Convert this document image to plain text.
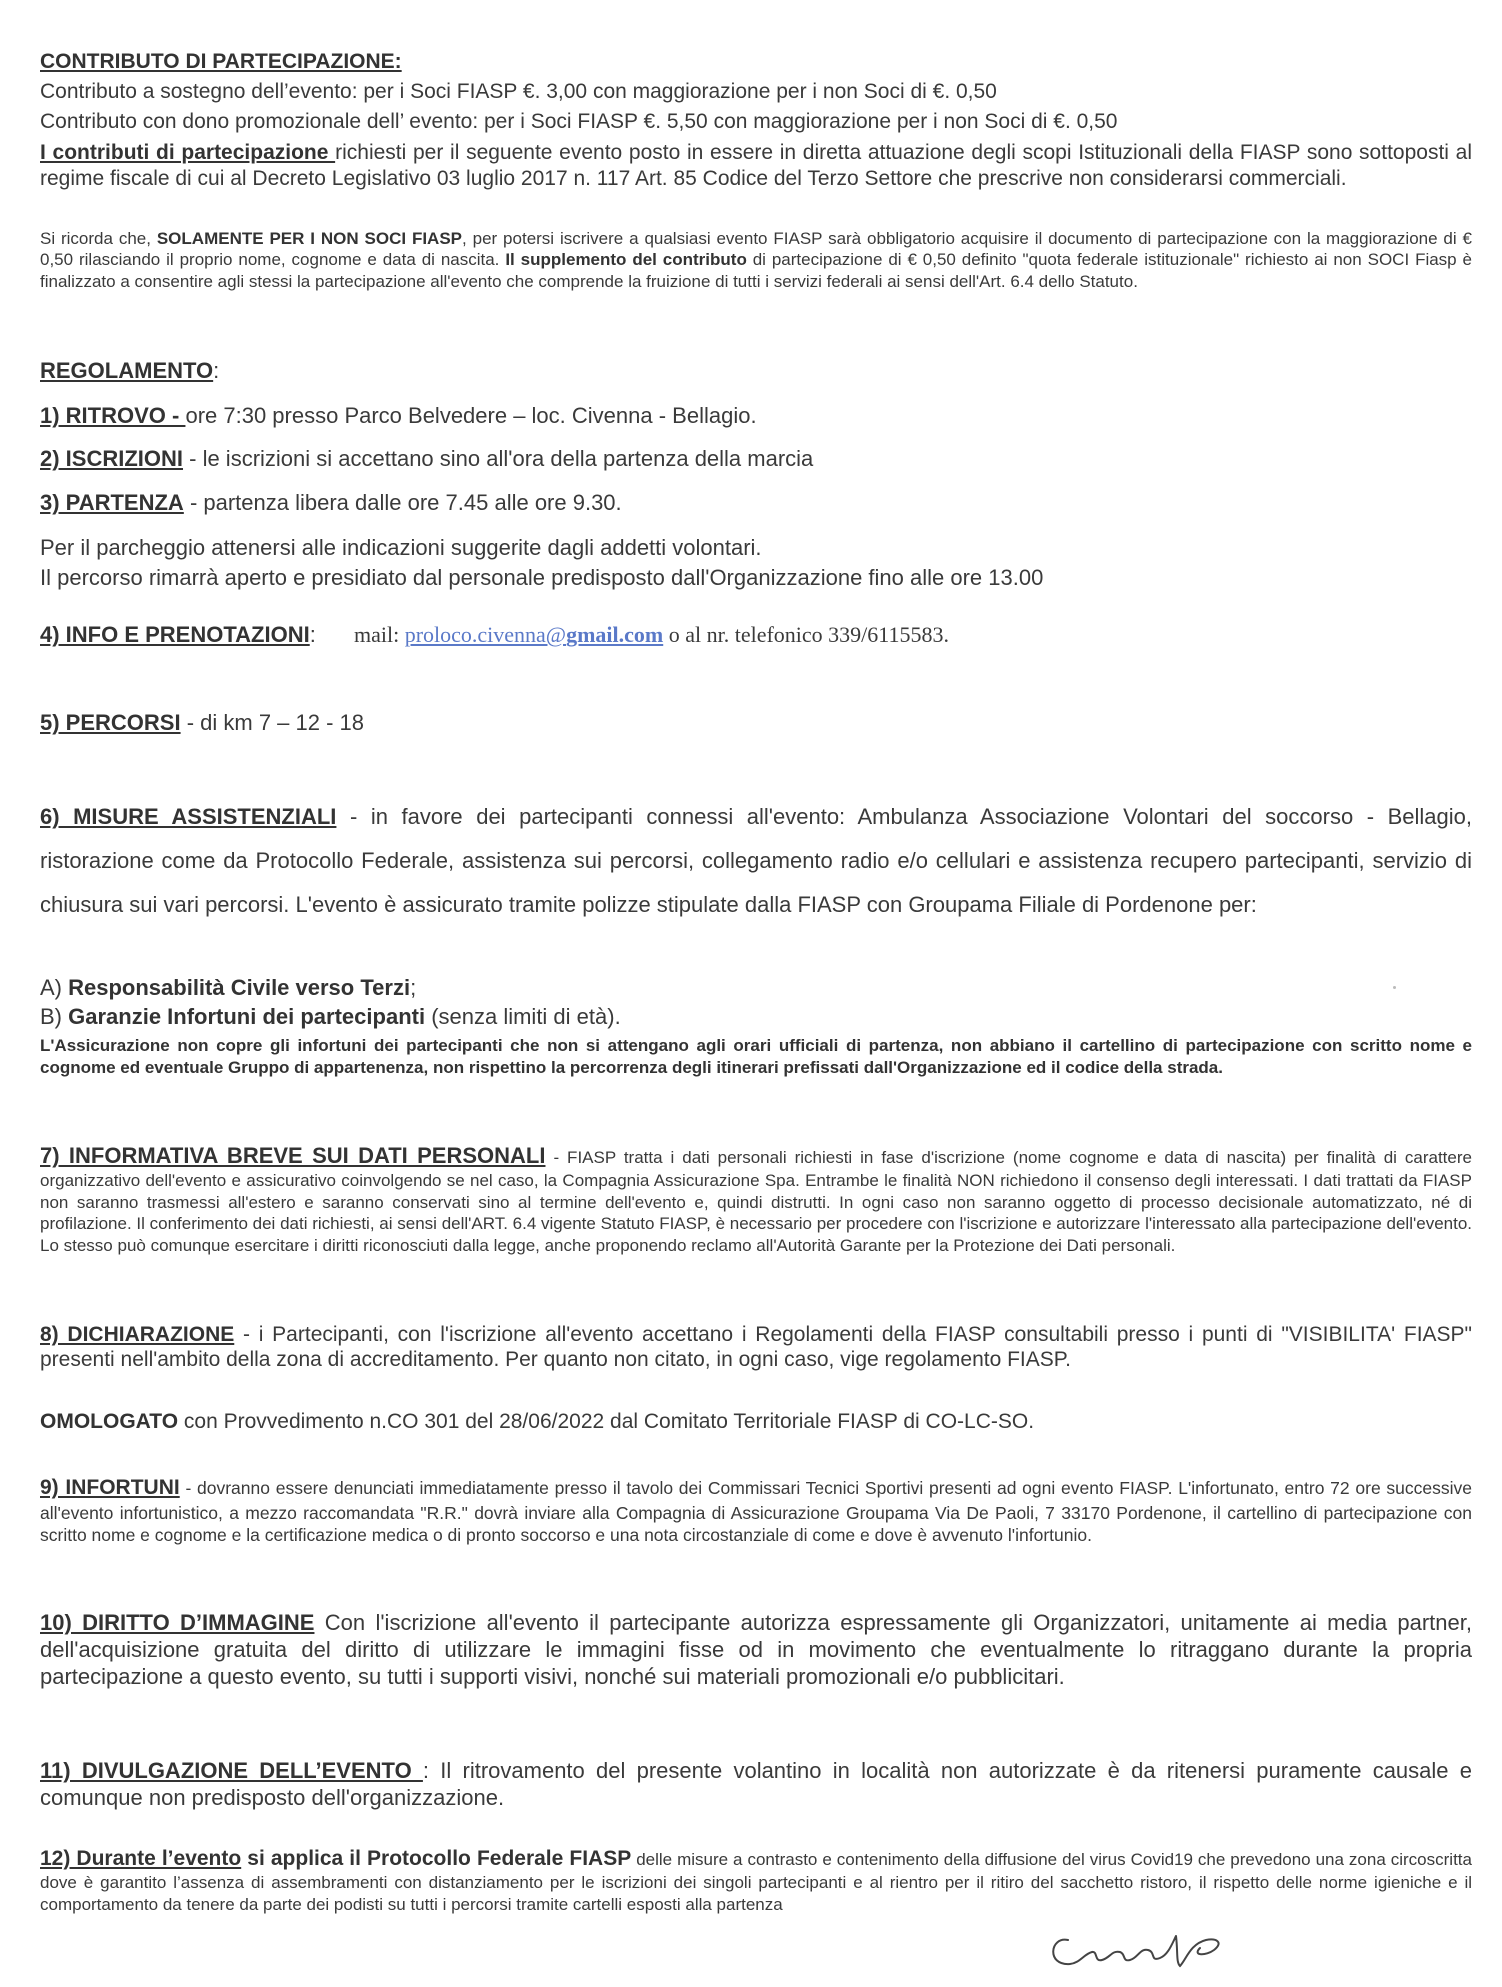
CONTRIBUTO DI PARTECIPAZIONE:
Contributo a sostegno dell’evento: per i Soci FIASP €. 3,00 con maggiorazione per i non Soci di €. 0,50
Contributo con dono promozionale dell’ evento: per i Soci FIASP €. 5,50 con maggiorazione per i non Soci di €. 0,50
I contributi di partecipazione richiesti per il seguente evento posto in essere in diretta attuazione degli scopi Istituzionali della FIASP sono sottoposti al regime fiscale di cui al Decreto Legislativo 03 luglio 2017 n. 117 Art. 85 Codice del Terzo Settore che prescrive non considerarsi commerciali.
Si ricorda che, SOLAMENTE PER I NON SOCI FIASP, per potersi iscrivere a qualsiasi evento FIASP sarà obbligatorio acquisire il documento di partecipazione con la maggiorazione di € 0,50 rilasciando il proprio nome, cognome e data di nascita. Il supplemento del contributo di partecipazione di € 0,50 definito "quota federale istituzionale" richiesto ai non SOCI Fiasp è finalizzato a consentire agli stessi la partecipazione all'evento che comprende la fruizione di tutti i servizi federali ai sensi dell'Art. 6.4 dello Statuto.
REGOLAMENTO:
1) RITROVO - ore 7:30 presso Parco Belvedere – loc. Civenna - Bellagio.
2) ISCRIZIONI - le iscrizioni si accettano sino all'ora della partenza della marcia
3) PARTENZA - partenza libera dalle ore 7.45 alle ore 9.30.
Per il parcheggio attenersi alle indicazioni suggerite dagli addetti volontari.
Il percorso rimarrà aperto e presidiato dal personale predisposto dall'Organizzazione fino alle ore 13.00
4) INFO E PRENOTAZIONI: mail: proloco.civenna@gmail.com o al nr. telefonico 339/6115583.
5) PERCORSI - di km 7 – 12 - 18
6) MISURE ASSISTENZIALI - in favore dei partecipanti connessi all'evento: Ambulanza Associazione Volontari del soccorso - Bellagio, ristorazione come da Protocollo Federale, assistenza sui percorsi, collegamento radio e/o cellulari e assistenza recupero partecipanti, servizio di chiusura sui vari percorsi. L'evento è assicurato tramite polizze stipulate dalla FIASP con Groupama Filiale di Pordenone per:
A) Responsabilità Civile verso Terzi;
B) Garanzie Infortuni dei partecipanti (senza limiti di età).
L'Assicurazione non copre gli infortuni dei partecipanti che non si attengano agli orari ufficiali di partenza, non abbiano il cartellino di partecipazione con scritto nome e cognome ed eventuale Gruppo di appartenenza, non rispettino la percorrenza degli itinerari prefissati dall'Organizzazione ed il codice della strada.
7) INFORMATIVA BREVE SUI DATI PERSONALI - FIASP tratta i dati personali richiesti in fase d'iscrizione (nome cognome e data di nascita) per finalità di carattere organizzativo dell'evento e assicurativo coinvolgendo se nel caso, la Compagnia Assicurazione Spa. Entrambe le finalità NON richiedono il consenso degli interessati. I dati trattati da FIASP non saranno trasmessi all'estero e saranno conservati sino al termine dell'evento e, quindi distrutti. In ogni caso non saranno oggetto di processo decisionale automatizzato, né di profilazione. Il conferimento dei dati richiesti, ai sensi dell'ART. 6.4 vigente Statuto FIASP, è necessario per procedere con l'iscrizione e autorizzare l'interessato alla partecipazione dell'evento. Lo stesso può comunque esercitare i diritti riconosciuti dalla legge, anche proponendo reclamo all'Autorità Garante per la Protezione dei Dati personali.
8) DICHIARAZIONE - i Partecipanti, con l'iscrizione all'evento accettano i Regolamenti della FIASP consultabili presso i punti di "VISIBILITA' FIASP" presenti nell'ambito della zona di accreditamento. Per quanto non citato, in ogni caso, vige regolamento FIASP.
OMOLOGATO con Provvedimento n.CO 301 del 28/06/2022 dal Comitato Territoriale FIASP di CO-LC-SO.
9) INFORTUNI - dovranno essere denunciati immediatamente presso il tavolo dei Commissari Tecnici Sportivi presenti ad ogni evento FIASP. L'infortunato, entro 72 ore successive all'evento infortunistico, a mezzo raccomandata "R.R." dovrà inviare alla Compagnia di Assicurazione Groupama Via De Paoli, 7 33170 Pordenone, il cartellino di partecipazione con scritto nome e cognome e la certificazione medica o di pronto soccorso e una nota circostanziale di come e dove è avvenuto l'infortunio.
10) DIRITTO D’IMMAGINE Con l'iscrizione all'evento il partecipante autorizza espressamente gli Organizzatori, unitamente ai media partner, dell'acquisizione gratuita del diritto di utilizzare le immagini fisse od in movimento che eventualmente lo ritraggano durante la propria partecipazione a questo evento, su tutti i supporti visivi, nonché sui materiali promozionali e/o pubblicitari.
11) DIVULGAZIONE DELL’EVENTO : Il ritrovamento del presente volantino in località non autorizzate è da ritenersi puramente causale e comunque non predisposto dell'organizzazione.
12) Durante l’evento si applica il Protocollo Federale FIASP delle misure a contrasto e contenimento della diffusione del virus Covid19 che prevedono una zona circoscritta dove è garantito l’assenza di assembramenti con distanziamento per le iscrizioni dei singoli partecipanti e al rientro per il ritiro del sacchetto ristoro, il rispetto delle norme igieniche e il comportamento da tenere da parte dei podisti su tutti i percorsi tramite cartelli esposti alla partenza
